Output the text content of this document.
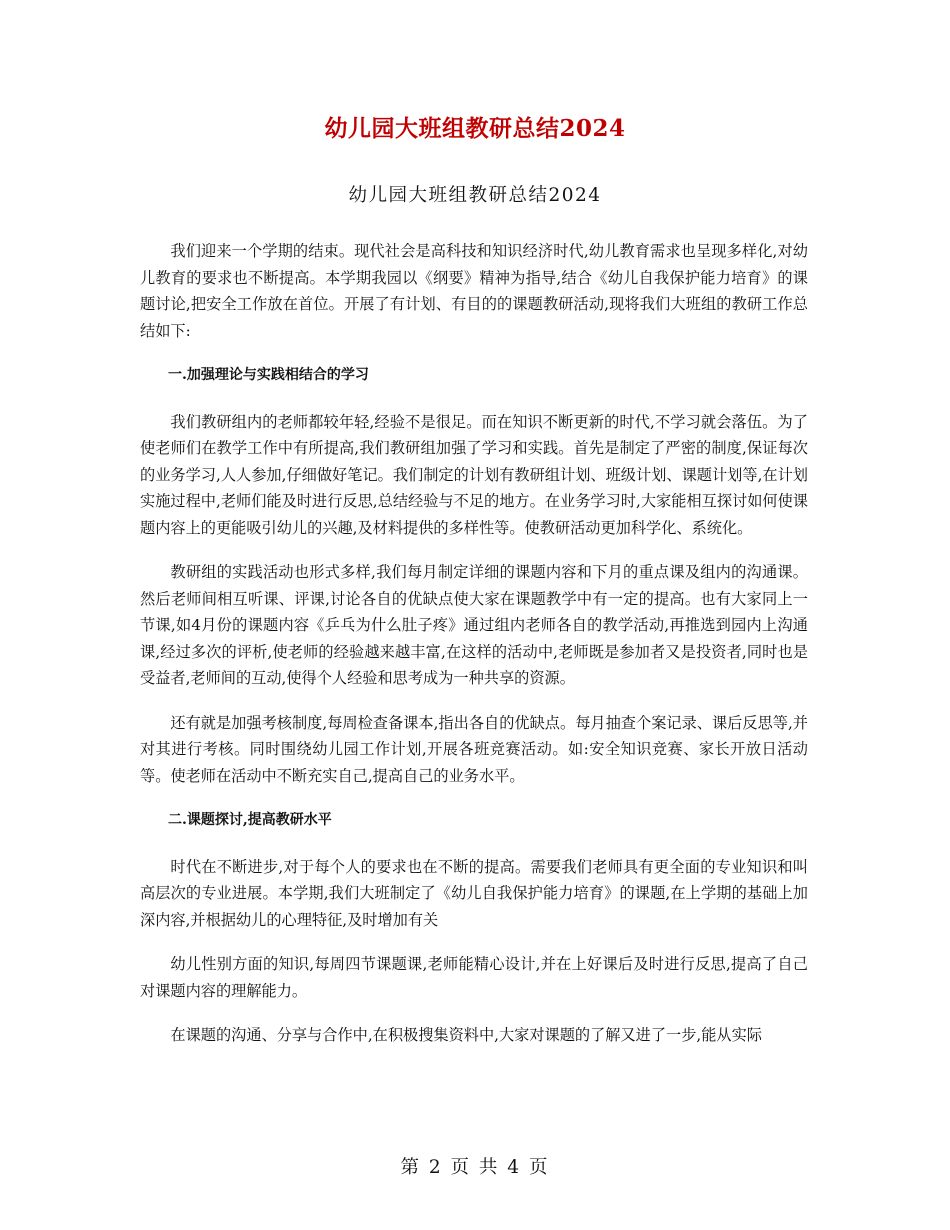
幼儿园大班组教研总结2024
幼儿园大班组教研总结2024

我们迎来一个学期的结束。现代社会是高科技和知识经济时代,幼儿教育需求也呈现多样化,对幼儿教育的要求也不断提高。本学期我园以《纲要》精神为指导,结合《幼儿自我保护能力培育》的课题讨论,把安全工作放在首位。开展了有计划、有目的的课题教研活动,现将我们大班组的教研工作总结如下:

一.加强理论与实践相结合的学习

我们教研组内的老师都较年轻,经验不是很足。而在知识不断更新的时代,不学习就会落伍。为了使老师们在教学工作中有所提高,我们教研组加强了学习和实践。首先是制定了严密的制度,保证每次的业务学习,人人参加,仔细做好笔记。我们制定的计划有教研组计划、班级计划、课题计划等,在计划实施过程中,老师们能及时进行反思,总结经验与不足的地方。在业务学习时,大家能相互探讨如何使课题内容上的更能吸引幼儿的兴趣,及材料提供的多样性等。使教研活动更加科学化、系统化。

教研组的实践活动也形式多样,我们每月制定详细的课题内容和下月的重点课及组内的沟通课。然后老师间相互听课、评课,讨论各自的优缺点使大家在课题教学中有一定的提高。也有大家同上一节课,如4月份的课题内容《乒乓为什么肚子疼》通过组内老师各自的教学活动,再推选到园内上沟通课,经过多次的评析,使老师的经验越来越丰富,在这样的活动中,老师既是参加者又是投资者,同时也是受益者,老师间的互动,使得个人经验和思考成为一种共享的资源。

还有就是加强考核制度,每周检查备课本,指出各自的优缺点。每月抽查个案记录、课后反思等,并对其进行考核。同时围绕幼儿园工作计划,开展各班竞赛活动。如:安全知识竞赛、家长开放日活动等。使老师在活动中不断充实自己,提高自己的业务水平。

二.课题探讨,提高教研水平

时代在不断进步,对于每个人的要求也在不断的提高。需要我们老师具有更全面的专业知识和叫高层次的专业进展。本学期,我们大班制定了《幼儿自我保护能力培育》的课题,在上学期的基础上加深内容,并根据幼儿的心理特征,及时增加有关

幼儿性别方面的知识,每周四节课题课,老师能精心设计,并在上好课后及时进行反思,提高了自己对课题内容的理解能力。

在课题的沟通、分享与合作中,在积极搜集资料中,大家对课题的了解又进了一步,能从实际

第 2 页 共 4 页
